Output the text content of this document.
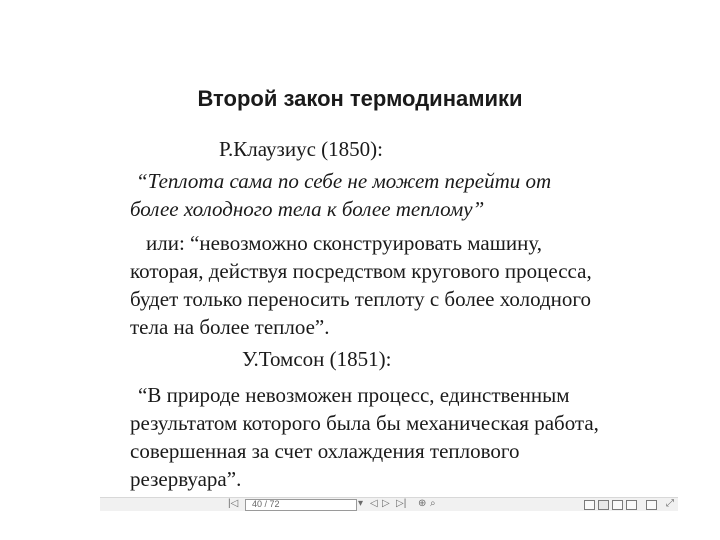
Второй закон термодинамики
Р.Клаузиус (1850):
“Теплота сама по себе не может перейти от
более холодного тела к более теплому”
или: “невозможно сконструировать машину,
которая, действуя посредством кругового процесса,
будет только переносить теплоту с более холодного
тела на более теплое”.
У.Томсон (1851):
“В природе невозможен процесс, единственным
результатом которого была бы механическая работа,
совершенная за счет охлаждения теплового
резервуара”.
|◁ 40 / 72	▾ ◁ ▷ ▷| ⊕ ⌕	⤢
